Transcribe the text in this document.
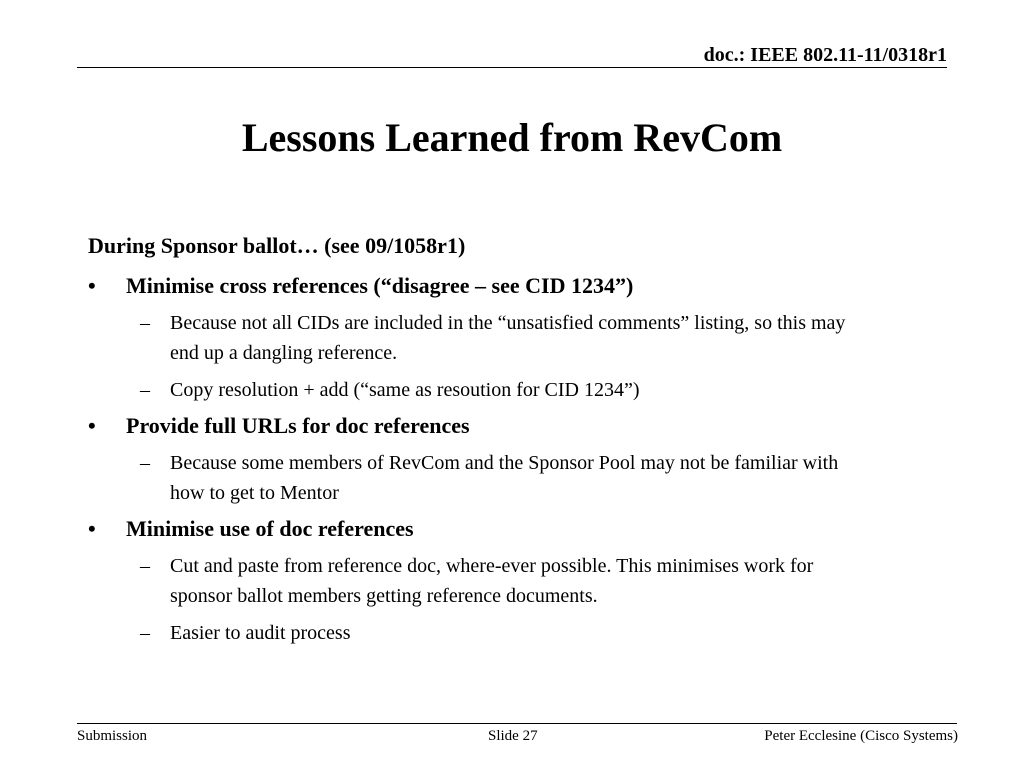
doc.: IEEE 802.11-11/0318r1
Lessons Learned from RevCom
During Sponsor ballot… (see 09/1058r1)
• Minimise cross references (“disagree – see CID 1234”)
– Because not all CIDs are included in the “unsatisfied comments” listing, so this may end up a dangling reference.
– Copy resolution + add (“same as resoution for CID 1234”)
• Provide full URLs for doc references
– Because some members of RevCom and the Sponsor Pool may not be familiar with how to get to Mentor
• Minimise use of doc references
– Cut and paste from reference doc, where-ever possible. This minimises work for sponsor ballot members getting reference documents.
– Easier to audit process
Submission	Slide 27	Peter Ecclesine (Cisco Systems)
